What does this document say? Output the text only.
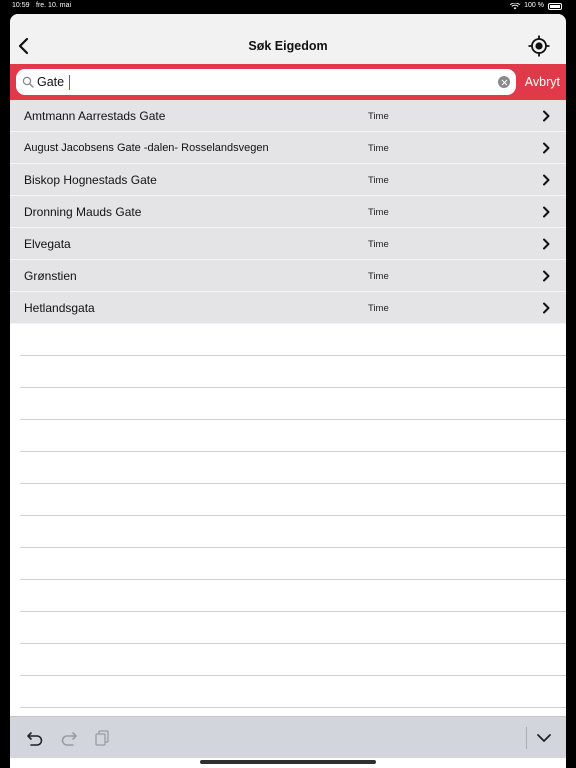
10:59 fre. 10. mai	100 %
Søk Eigedom
Gate
Avbryt
Amtmann Aarrestads Gate	Time
August Jacobsens Gate -dalen- Rosselandsvegen	Time
Biskop Hognestads Gate	Time
Dronning Mauds Gate	Time
Elvegata	Time
Grønstien	Time
Hetlandsgata	Time
